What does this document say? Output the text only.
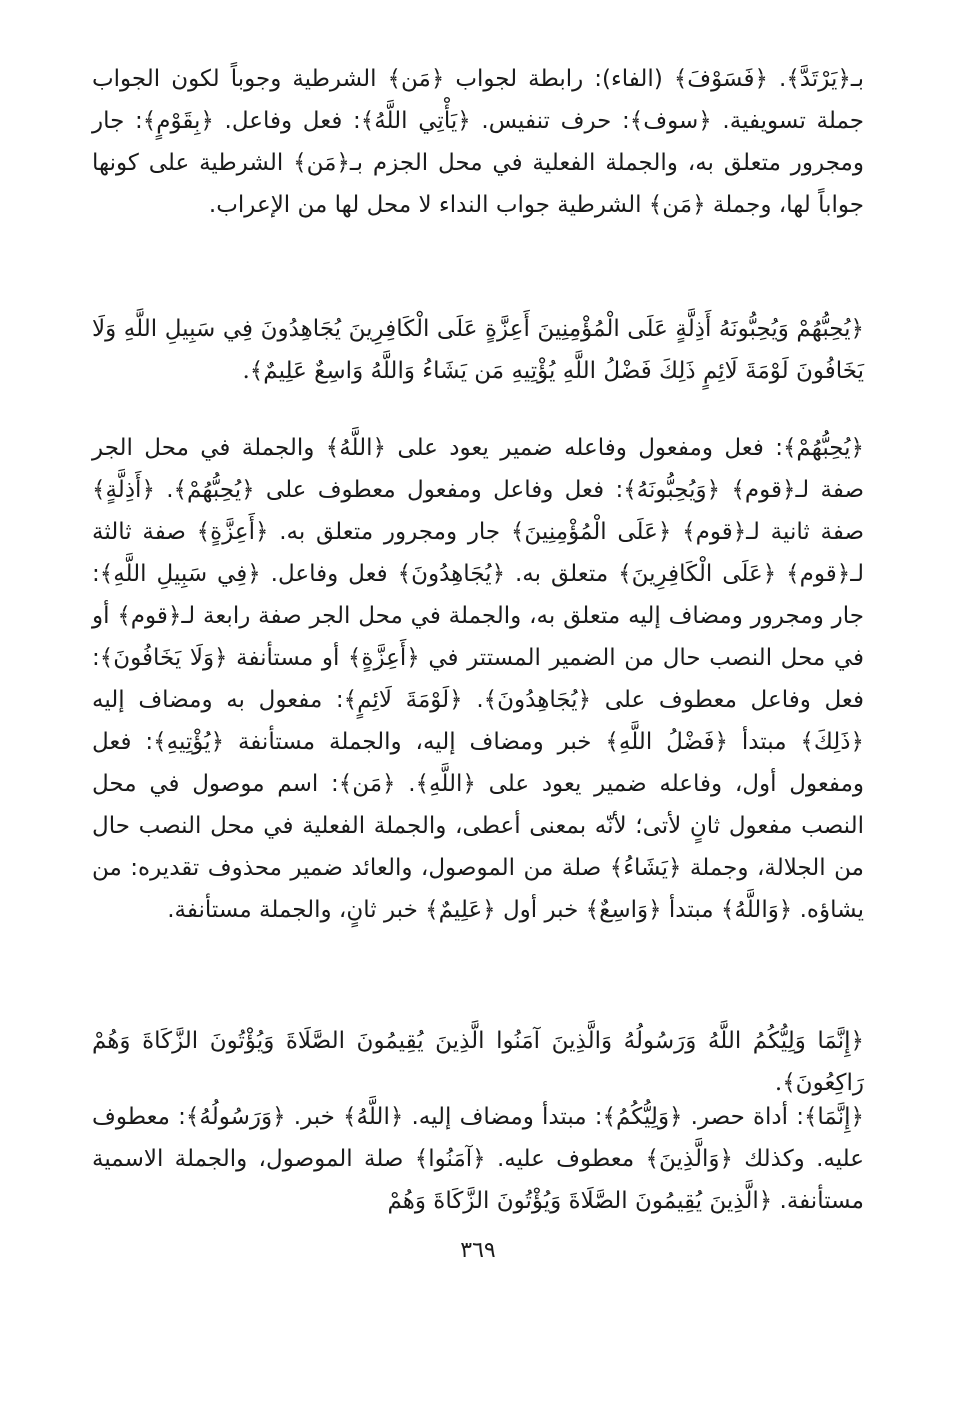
بـ﴿يَرْتَدَّ﴾. ﴿فَسَوْفَ﴾ (الفاء): رابطة لجواب ﴿مَن﴾ الشرطية وجوباً لكون الجواب جملة تسويفية. ﴿سوف﴾: حرف تنفيس. ﴿يَأْتِي اللَّهُ﴾: فعل وفاعل. ﴿بِقَوْمٍ﴾: جار ومجرور متعلق به، والجملة الفعلية في محل الجزم بـ﴿مَن﴾ الشرطية على كونها جواباً لها، وجملة ﴿مَن﴾ الشرطية جواب النداء لا محل لها من الإعراب.

﴿يُحِبُّهُمْ وَيُحِبُّونَهُ أَذِلَّةٍ عَلَى الْمُؤْمِنِينَ أَعِزَّةٍ عَلَى الْكَافِرِينَ يُجَاهِدُونَ فِي سَبِيلِ اللَّهِ وَلَا يَخَافُونَ لَوْمَةَ لَائِمٍ ذَلِكَ فَضْلُ اللَّهِ يُؤْتِيهِ مَن يَشَاءُ وَاللَّهُ وَاسِعٌ عَلِيمٌ﴾.

﴿يُحِبُّهُمْ﴾: فعل ومفعول وفاعله ضمير يعود على ﴿اللَّهُ﴾ والجملة في محل الجر صفة لـ﴿قوم﴾ ﴿وَيُحِبُّونَهُ﴾: فعل وفاعل ومفعول معطوف على ﴿يُحِبُّهُمْ﴾. ﴿أَذِلَّةٍ﴾ صفة ثانية لـ﴿قوم﴾ ﴿عَلَى الْمُؤْمِنِينَ﴾ جار ومجرور متعلق به. ﴿أَعِزَّةٍ﴾ صفة ثالثة لـ﴿قوم﴾ ﴿عَلَى الْكَافِرِينَ﴾ متعلق به. ﴿يُجَاهِدُونَ﴾ فعل وفاعل. ﴿فِي سَبِيلِ اللَّهِ﴾: جار ومجرور ومضاف إليه متعلق به، والجملة في محل الجر صفة رابعة لـ﴿قوم﴾ أو في محل النصب حال من الضمير المستتر في ﴿أَعِزَّةٍ﴾ أو مستأنفة ﴿وَلَا يَخَافُونَ﴾: فعل وفاعل معطوف على ﴿يُجَاهِدُونَ﴾. ﴿لَوْمَةَ لَائِمٍ﴾: مفعول به ومضاف إليه ﴿ذَلِكَ﴾ مبتدأ ﴿فَضْلُ اللَّهِ﴾ خبر ومضاف إليه، والجملة مستأنفة ﴿يُؤْتِيهِ﴾: فعل ومفعول أول، وفاعله ضمير يعود على ﴿اللَّهِ﴾. ﴿مَن﴾: اسم موصول في محل النصب مفعول ثانٍ لأتى؛ لأنّه بمعنى أعطى، والجملة الفعلية في محل النصب حال من الجلالة، وجملة ﴿يَشَاءُ﴾ صلة من الموصول، والعائد ضمير محذوف تقديره: من يشاؤه. ﴿وَاللَّهُ﴾ مبتدأ ﴿وَاسِعٌ﴾ خبر أول ﴿عَلِيمٌ﴾ خبر ثانٍ، والجملة مستأنفة.

﴿إِنَّمَا وَلِيُّكُمُ اللَّهُ وَرَسُولُهُ وَالَّذِينَ آمَنُوا الَّذِينَ يُقِيمُونَ الصَّلَاةَ وَيُؤْتُونَ الزَّكَاةَ وَهُمْ رَاكِعُونَ﴾.

﴿إِنَّمَا﴾: أداة حصر. ﴿وَلِيُّكُمُ﴾: مبتدأ ومضاف إليه. ﴿اللَّهُ﴾ خبر. ﴿وَرَسُولُهُ﴾: معطوف عليه. وكذلك ﴿وَالَّذِينَ﴾ معطوف عليه. ﴿آمَنُوا﴾ صلة الموصول، والجملة الاسمية مستأنفة. ﴿الَّذِينَ يُقِيمُونَ الصَّلَاةَ وَيُؤْتُونَ الزَّكَاةَ وَهُمْ

٣٦٩
